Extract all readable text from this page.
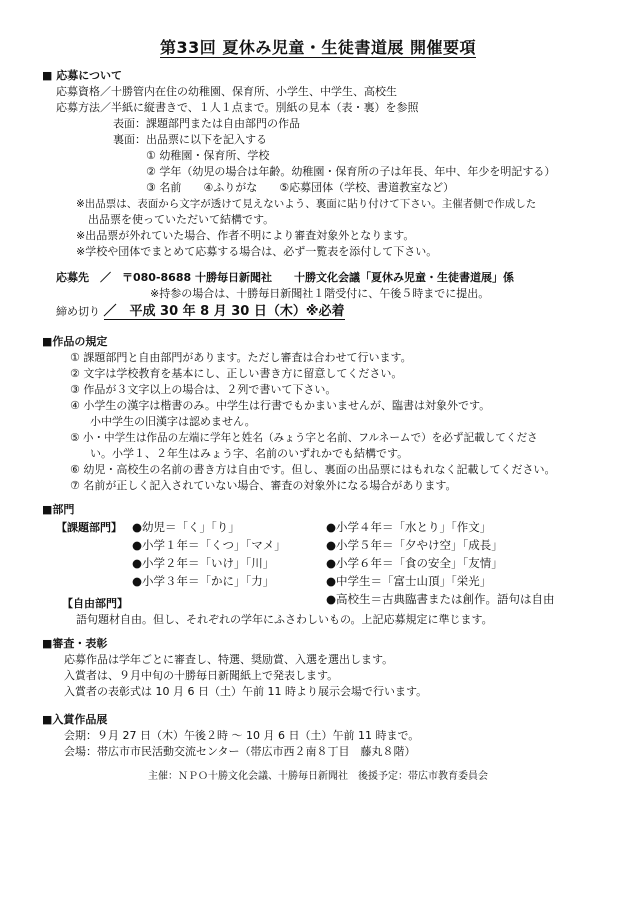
第33回 夏休み児童・生徒書道展 開催要項
■ 応募について
応募資格／十勝管内在住の幼稚園、保育所、小学生、中学生、高校生
応募方法／半紙に縦書きで、１人１点まで。別紙の見本（表・裏）を参照
表面：課題部門または自由部門の作品
裏面：出品票に以下を記入する
① 幼稚園・保育所、学校
② 学年（幼児の場合は年齢。幼稚園・保育所の子は年長、年中、年少を明記する）
③ 名前　　④ふりがな　　⑤応募団体（学校、書道教室など）
※出品票は、表面から文字が透けて見えないよう、裏面に貼り付けて下さい。主催者側で作成した
出品票を使っていただいて結構です。
※出品票が外れていた場合、作者不明により審査対象外となります。
※学校や団体でまとめて応募する場合は、必ず一覧表を添付して下さい。
応募先　／　〒080-8688 十勝毎日新聞社　　十勝文化会議「夏休み児童・生徒書道展」係
※持参の場合は、十勝毎日新聞社１階受付に、午後５時までに提出。
締め切り ／　平成 30 年 8 月 30 日（木）※必着
■作品の規定
① 課題部門と自由部門があります。ただし審査は合わせて行います。
② 文字は学校教育を基本にし、正しい書き方に留意してください。
③ 作品が３文字以上の場合は、２列で書いて下さい。
④ 小学生の漢字は楷書のみ。中学生は行書でもかまいませんが、臨書は対象外です。
小中学生の旧漢字は認めません。
⑤ 小・中学生は作品の左端に学年と姓名（みょう字と名前、フルネームで）を必ず記載してくださ
い。小学１、２年生はみょう字、名前のいずれかでも結構です。
⑥ 幼児・高校生の名前の書き方は自由です。但し、裏面の出品票にはもれなく記載してください。
⑦ 名前が正しく記入されていない場合、審査の対象外になる場合があります。
■部門
【課題部門】 ●幼児＝「く」「り」
●小学１年＝「くつ」「マメ」
●小学２年＝「いけ」「川」
●小学３年＝「かに」「力」
●小学４年＝「水とり」「作文」
●小学５年＝「夕やけ空」「成長」
●小学６年＝「食の安全」「友情」
●中学生＝「富士山頂」「栄光」
●高校生＝古典臨書または創作。語句は自由
【自由部門】
語句題材自由。但し、それぞれの学年にふさわしいもの。上記応募規定に準じます。
■審査・表彰
応募作品は学年ごとに審査し、特選、奨励賞、入選を選出します。
入賞者は、９月中旬の十勝毎日新聞紙上で発表します。
入賞者の表彰式は 10 月 6 日（土）午前 11 時より展示会場で行います。
■入賞作品展
会期：９月 27 日（木）午後２時 ～ 10 月 6 日（土）午前 11 時まで。
会場：帯広市市民活動交流センター（帯広市西２南８丁目　藤丸８階）
主催：ＮＰＯ十勝文化会議、十勝毎日新聞社　後援予定：帯広市教育委員会
